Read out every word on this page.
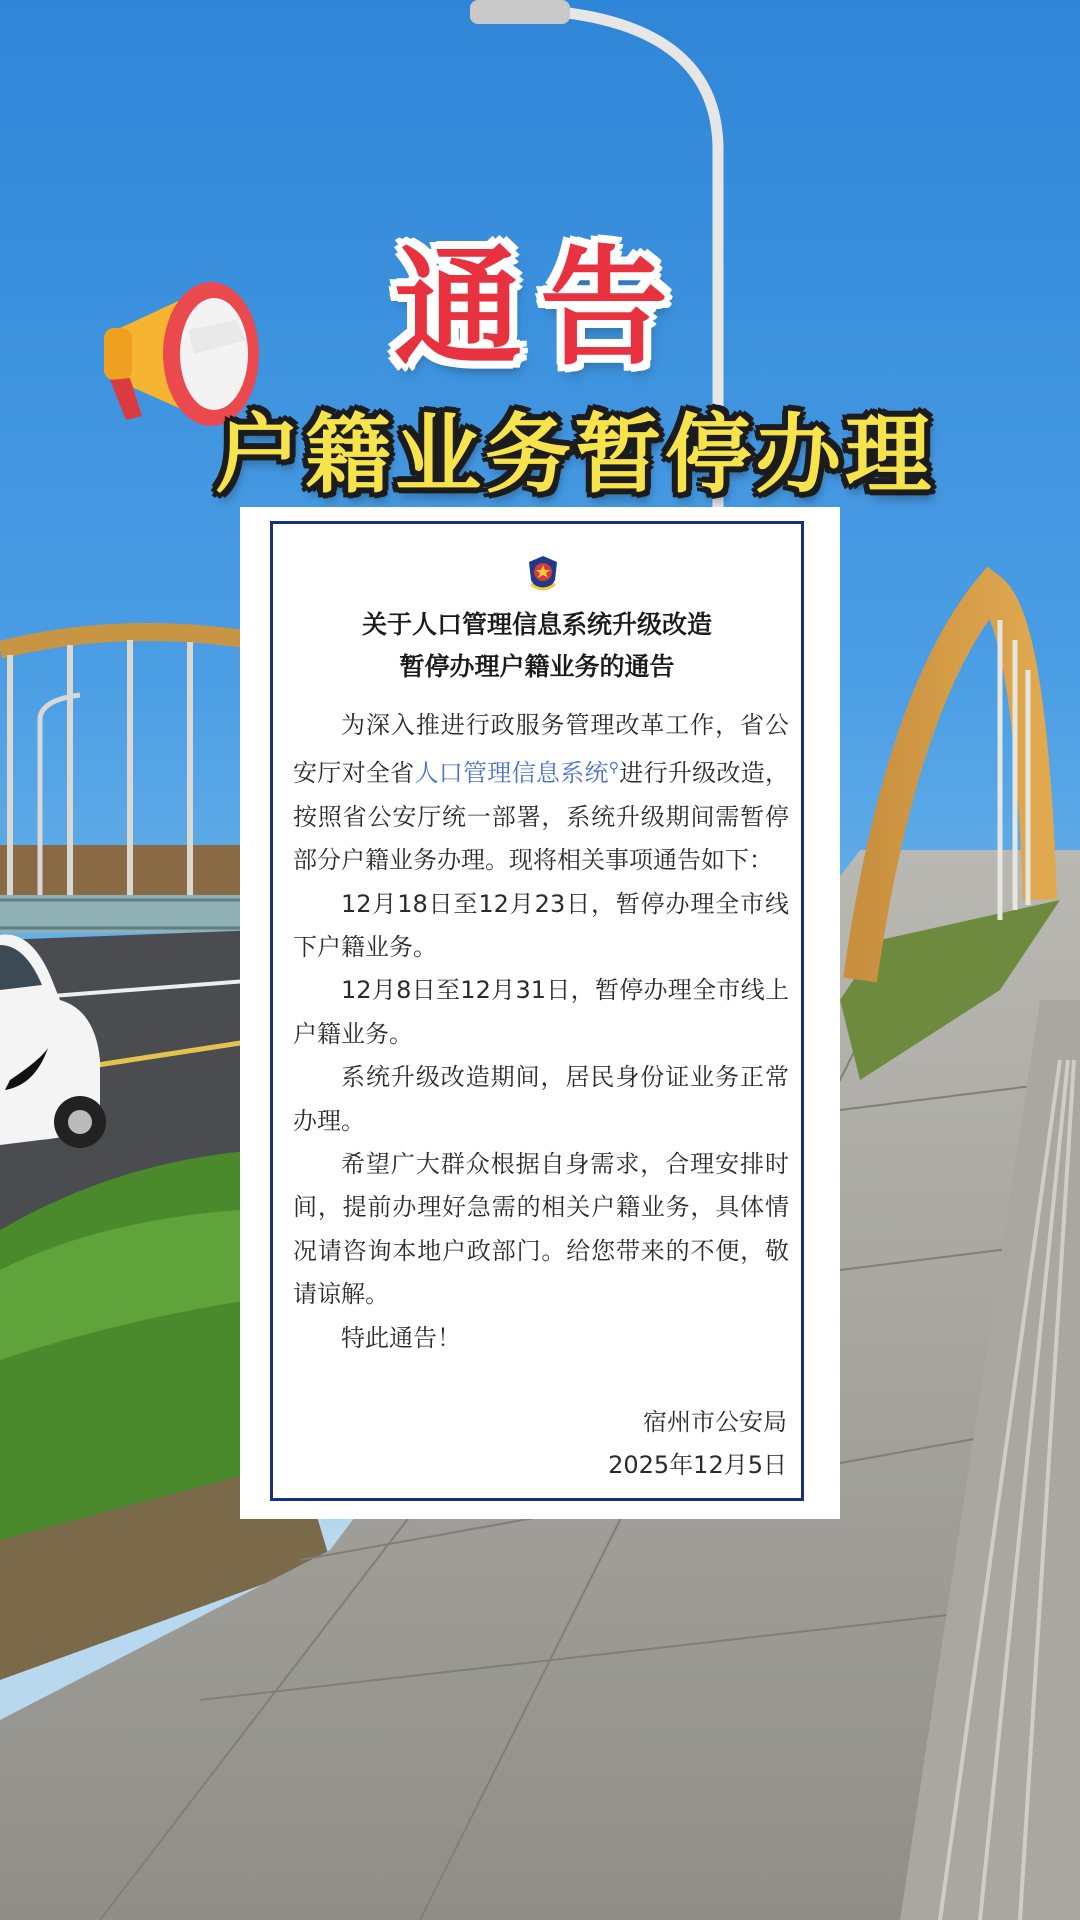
通告
户籍业务暂停办理
关于人口管理信息系统升级改造
暂停办理户籍业务的通告

为深入推进行政服务管理改革工作，省公安厅对全省人口管理信息系统⚲进行升级改造，按照省公安厅统一部署，系统升级期间需暂停部分户籍业务办理。现将相关事项通告如下：

12月18日至12月23日，暂停办理全市线下户籍业务。

12月8日至12月31日，暂停办理全市线上户籍业务。

系统升级改造期间，居民身份证业务正常办理。

希望广大群众根据自身需求，合理安排时间，提前办理好急需的相关户籍业务，具体情况请咨询本地户政部门。给您带来的不便，敬请谅解。

特此通告！

宿州市公安局
2025年12月5日
